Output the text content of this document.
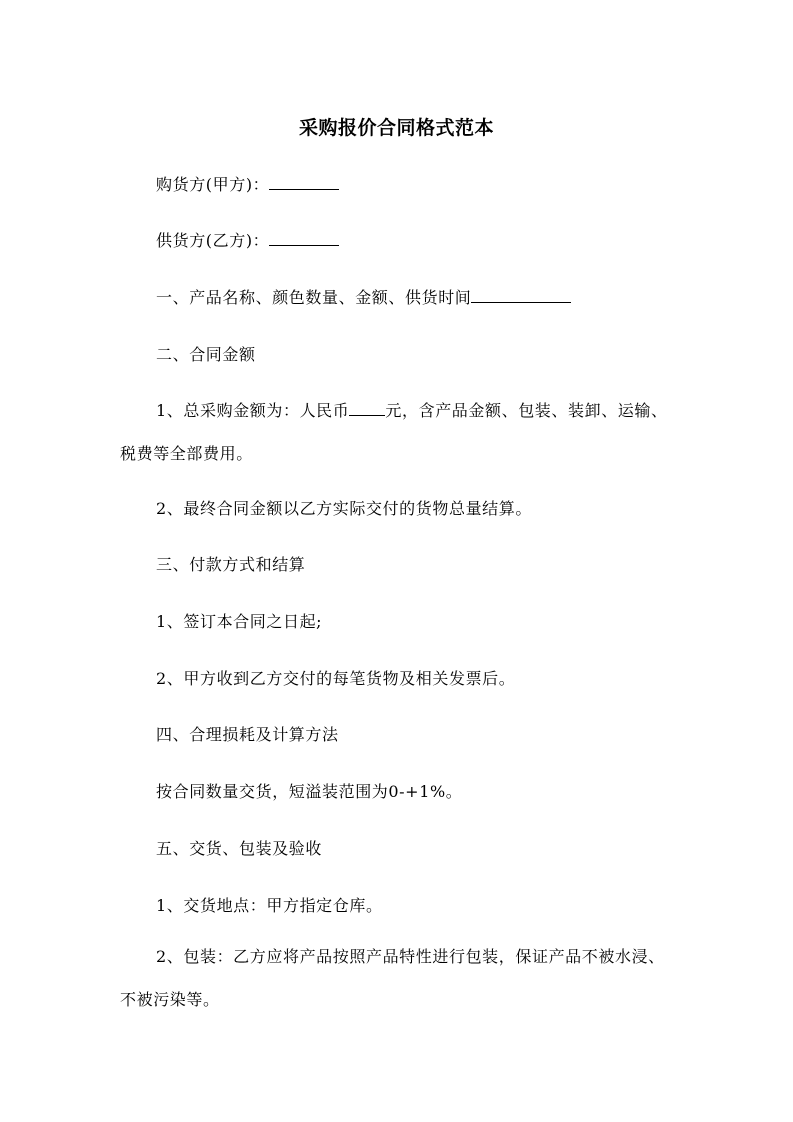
采购报价合同格式范本
购货方(甲方)：
供货方(乙方)：
一、产品名称、颜色数量、金额、供货时间
二、合同金额
1、总采购金额为：人民币 元，含产品金额、包装、装卸、运输、税费等全部费用。
2、最终合同金额以乙方实际交付的货物总量结算。
三、付款方式和结算
1、签订本合同之日起;
2、甲方收到乙方交付的每笔货物及相关发票后。
四、合理损耗及计算方法
按合同数量交货，短溢装范围为0-+1%。
五、交货、包装及验收
1、交货地点：甲方指定仓库。
2、包装：乙方应将产品按照产品特性进行包装，保证产品不被水浸、不被污染等。
